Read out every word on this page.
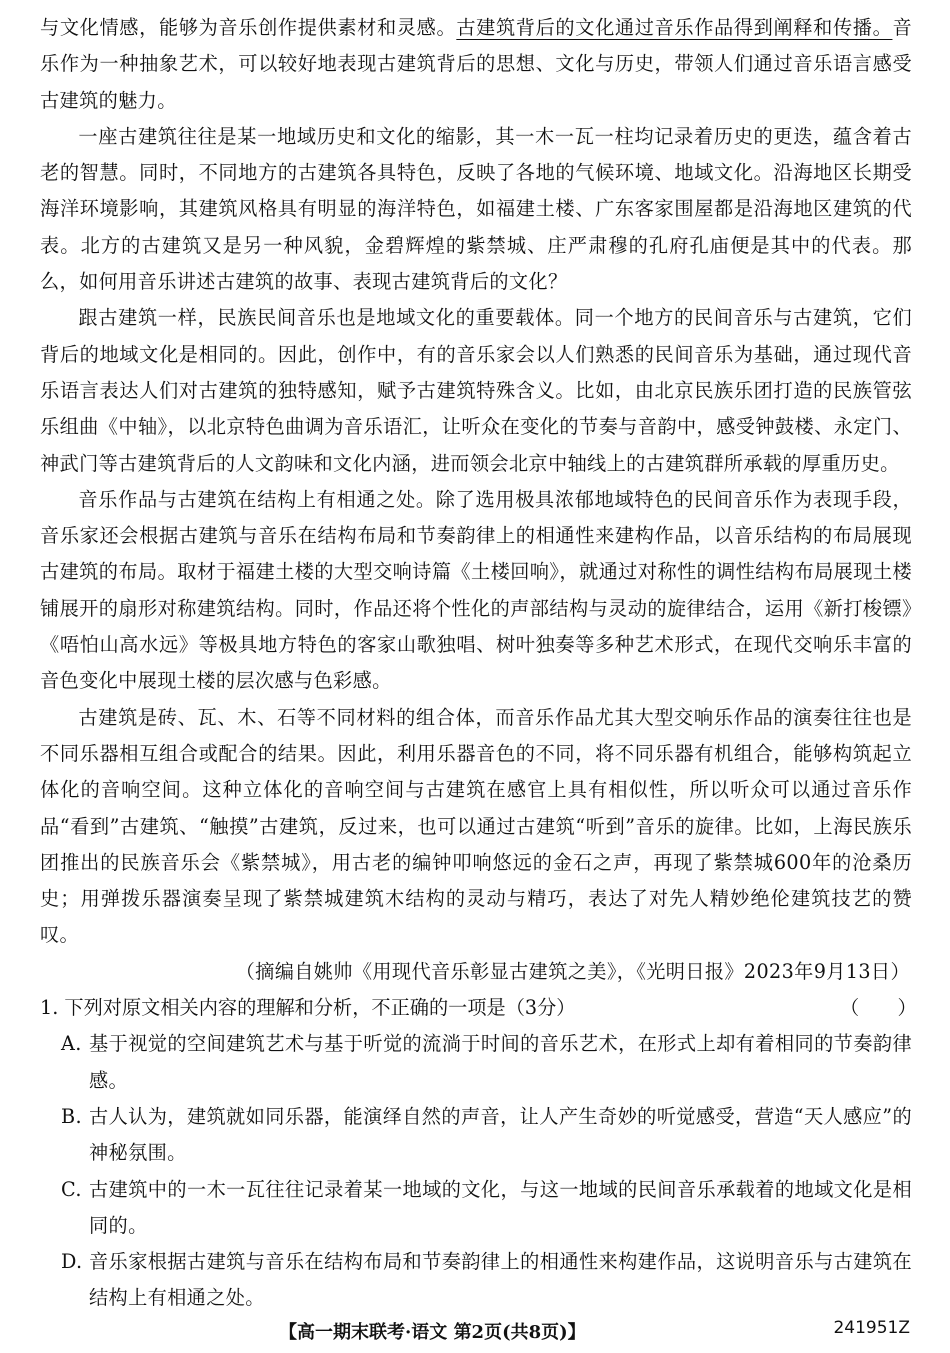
与文化情感，能够为音乐创作提供素材和灵感。古建筑背后的文化通过音乐作品得到阐释和传播。音乐作为一种抽象艺术，可以较好地表现古建筑背后的思想、文化与历史，带领人们通过音乐语言感受古建筑的魅力。

一座古建筑往往是某一地域历史和文化的缩影，其一木一瓦一柱均记录着历史的更迭，蕴含着古老的智慧。同时，不同地方的古建筑各具特色，反映了各地的气候环境、地域文化。沿海地区长期受海洋环境影响，其建筑风格具有明显的海洋特色，如福建土楼、广东客家围屋都是沿海地区建筑的代表。北方的古建筑又是另一种风貌，金碧辉煌的紫禁城、庄严肃穆的孔府孔庙便是其中的代表。那么，如何用音乐讲述古建筑的故事、表现古建筑背后的文化？

跟古建筑一样，民族民间音乐也是地域文化的重要载体。同一个地方的民间音乐与古建筑，它们背后的地域文化是相同的。因此，创作中，有的音乐家会以人们熟悉的民间音乐为基础，通过现代音乐语言表达人们对古建筑的独特感知，赋予古建筑特殊含义。比如，由北京民族乐团打造的民族管弦乐组曲《中轴》，以北京特色曲调为音乐语汇，让听众在变化的节奏与音韵中，感受钟鼓楼、永定门、神武门等古建筑背后的人文韵味和文化内涵，进而领会北京中轴线上的古建筑群所承载的厚重历史。

音乐作品与古建筑在结构上有相通之处。除了选用极具浓郁地域特色的民间音乐作为表现手段，音乐家还会根据古建筑与音乐在结构布局和节奏韵律上的相通性来建构作品，以音乐结构的布局展现古建筑的布局。取材于福建土楼的大型交响诗篇《土楼回响》，就通过对称性的调性结构布局展现土楼铺展开的扇形对称建筑结构。同时，作品还将个性化的声部结构与灵动的旋律结合，运用《新打梭镖》《唔怕山高水远》等极具地方特色的客家山歌独唱、树叶独奏等多种艺术形式，在现代交响乐丰富的音色变化中展现土楼的层次感与色彩感。

古建筑是砖、瓦、木、石等不同材料的组合体，而音乐作品尤其大型交响乐作品的演奏往往也是不同乐器相互组合或配合的结果。因此，利用乐器音色的不同，将不同乐器有机组合，能够构筑起立体化的音响空间。这种立体化的音响空间与古建筑在感官上具有相似性，所以听众可以通过音乐作品“看到”古建筑、“触摸”古建筑，反过来，也可以通过古建筑“听到”音乐的旋律。比如，上海民族乐团推出的民族音乐会《紫禁城》，用古老的编钟叩响悠远的金石之声，再现了紫禁城600年的沧桑历史；用弹拨乐器演奏呈现了紫禁城建筑木结构的灵动与精巧，表达了对先人精妙绝伦建筑技艺的赞叹。

（摘编自姚帅《用现代音乐彰显古建筑之美》，《光明日报》2023年9月13日）

1. 下列对原文相关内容的理解和分析，不正确的一项是（3分）	（　　）
A. 基于视觉的空间建筑艺术与基于听觉的流淌于时间的音乐艺术，在形式上却有着相同的节奏韵律感。
B. 古人认为，建筑就如同乐器，能演绎自然的声音，让人产生奇妙的听觉感受，营造“天人感应”的神秘氛围。
C. 古建筑中的一木一瓦往往记录着某一地域的文化，与这一地域的民间音乐承载着的地域文化是相同的。
D. 音乐家根据古建筑与音乐在结构布局和节奏韵律上的相通性来构建作品，这说明音乐与古建筑在结构上有相通之处。
【高一期末联考·语文 第2页(共8页)】	241951Z
